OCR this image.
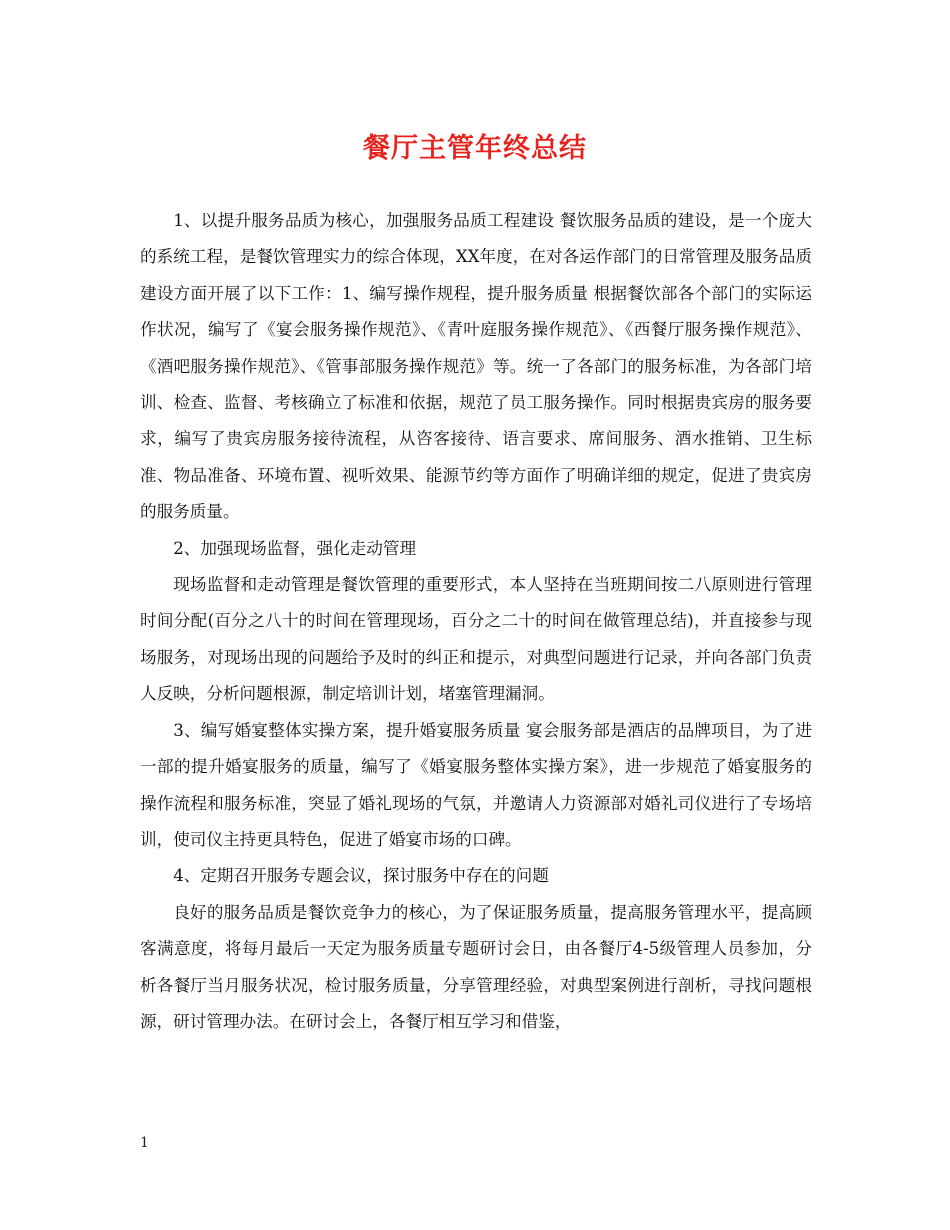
餐厅主管年终总结

1、以提升服务品质为核心，加强服务品质工程建设 餐饮服务品质的建设，是一个庞大的系统工程，是餐饮管理实力的综合体现，XX年度，在对各运作部门的日常管理及服务品质建设方面开展了以下工作：1、编写操作规程，提升服务质量 根据餐饮部各个部门的实际运作状况，编写了《宴会服务操作规范》、《青叶庭服务操作规范》、《西餐厅服务操作规范》、《酒吧服务操作规范》、《管事部服务操作规范》等。统一了各部门的服务标准，为各部门培训、检查、监督、考核确立了标准和依据，规范了员工服务操作。同时根据贵宾房的服务要求，编写了贵宾房服务接待流程，从咨客接待、语言要求、席间服务、酒水推销、卫生标准、物品准备、环境布置、视听效果、能源节约等方面作了明确详细的规定，促进了贵宾房的服务质量。

2、加强现场监督，强化走动管理

现场监督和走动管理是餐饮管理的重要形式，本人坚持在当班期间按二八原则进行管理时间分配(百分之八十的时间在管理现场，百分之二十的时间在做管理总结)，并直接参与现场服务，对现场出现的问题给予及时的纠正和提示，对典型问题进行记录，并向各部门负责人反映，分析问题根源，制定培训计划，堵塞管理漏洞。

3、编写婚宴整体实操方案，提升婚宴服务质量 宴会服务部是酒店的品牌项目，为了进一部的提升婚宴服务的质量，编写了《婚宴服务整体实操方案》，进一步规范了婚宴服务的操作流程和服务标准，突显了婚礼现场的气氛，并邀请人力资源部对婚礼司仪进行了专场培训，使司仪主持更具特色，促进了婚宴市场的口碑。

4、定期召开服务专题会议，探讨服务中存在的问题

良好的服务品质是餐饮竞争力的核心，为了保证服务质量，提高服务管理水平，提高顾客满意度，将每月最后一天定为服务质量专题研讨会日，由各餐厅4-5级管理人员参加，分析各餐厅当月服务状况，检讨服务质量，分享管理经验，对典型案例进行剖析，寻找问题根源，研讨管理办法。在研讨会上，各餐厅相互学习和借鉴，

1
